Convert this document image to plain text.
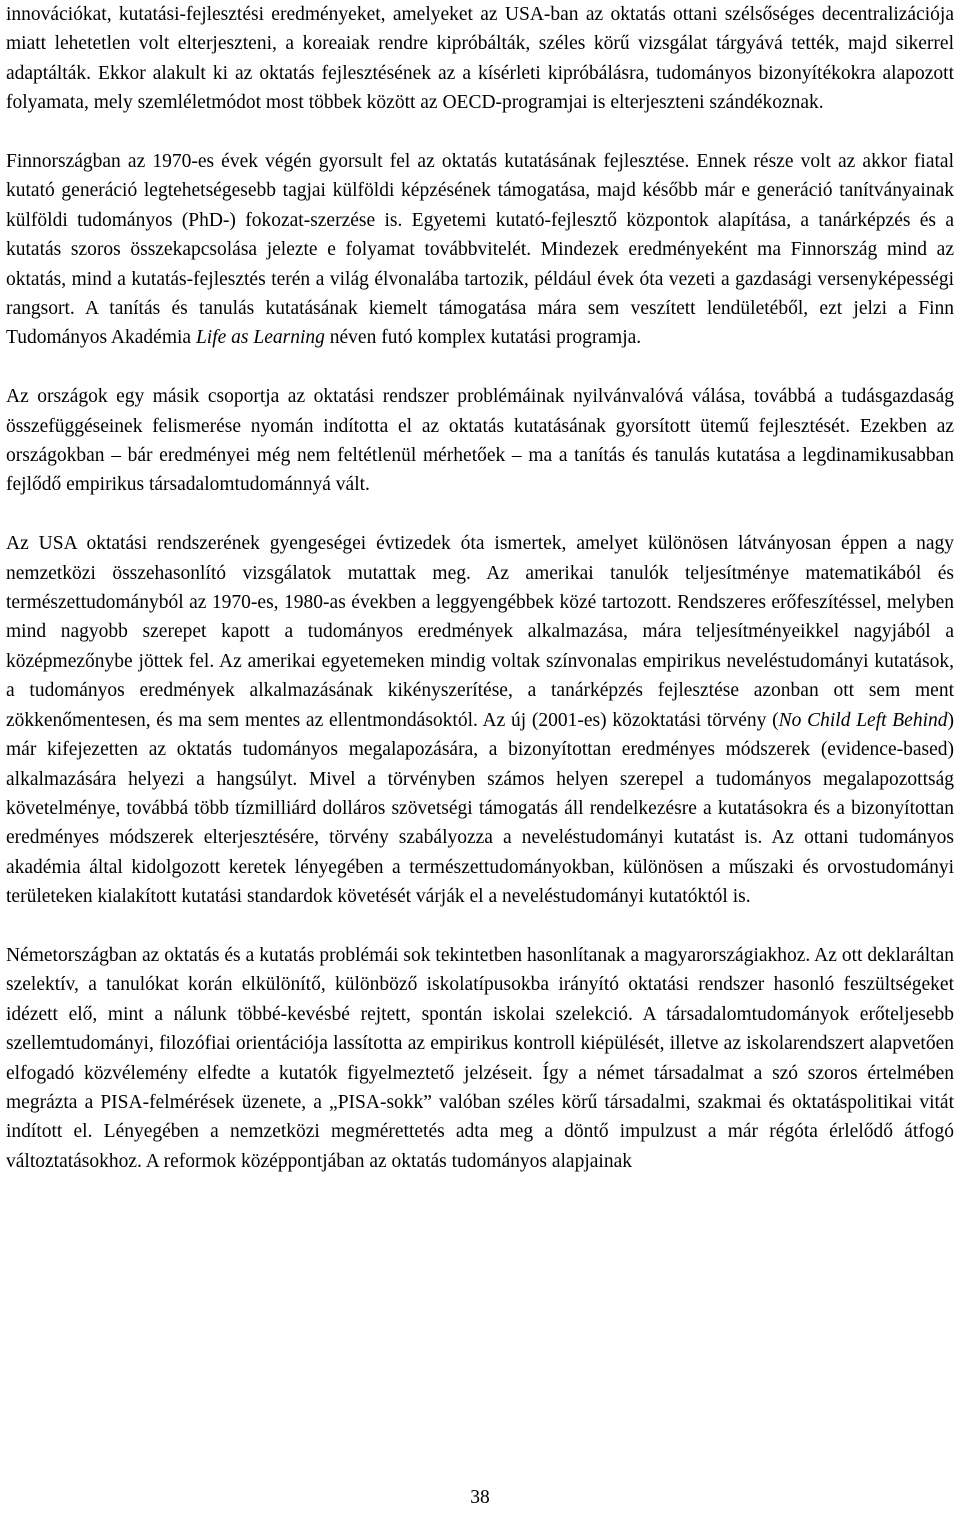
innovációkat, kutatási-fejlesztési eredményeket, amelyeket az USA-ban az oktatás ottani szélsőséges decentralizációja miatt lehetetlen volt elterjeszteni, a koreaiak rendre kipróbálták, széles körű vizsgálat tárgyává tették, majd sikerrel adaptálták. Ekkor alakult ki az oktatás fejlesztésének az a kísérleti kipróbálásra, tudományos bizonyítékokra alapozott folyamata, mely szemléletmódot most többek között az OECD-programjai is elterjeszteni szándékoznak.

Finnországban az 1970-es évek végén gyorsult fel az oktatás kutatásának fejlesztése. Ennek része volt az akkor fiatal kutató generáció legtehetségesebb tagjai külföldi képzésének támogatása, majd később már e generáció tanítványainak külföldi tudományos (PhD-) fokozat-szerzése is. Egyetemi kutató-fejlesztő központok alapítása, a tanárképzés és a kutatás szoros összekapcsolása jelezte e folyamat továbbvitelét. Mindezek eredményeként ma Finnország mind az oktatás, mind a kutatás-fejlesztés terén a világ élvonalába tartozik, például évek óta vezeti a gazdasági versenyképességi rangsort. A tanítás és tanulás kutatásának kiemelt támogatása mára sem veszített lendületéből, ezt jelzi a Finn Tudományos Akadémia Life as Learning néven futó komplex kutatási programja.

Az országok egy másik csoportja az oktatási rendszer problémáinak nyilvánvalóvá válása, továbbá a tudásgazdaság összefüggéseinek felismerése nyomán indította el az oktatás kutatásának gyorsított ütemű fejlesztését. Ezekben az országokban – bár eredményei még nem feltétlenül mérhetőek – ma a tanítás és tanulás kutatása a legdinamikusabban fejlődő empirikus társadalomtudománnyá vált.

Az USA oktatási rendszerének gyengeségei évtizedek óta ismertek, amelyet különösen látványosan éppen a nagy nemzetközi összehasonlító vizsgálatok mutattak meg. Az amerikai tanulók teljesítménye matematikából és természettudományból az 1970-es, 1980-as években a leggyengébbek közé tartozott. Rendszeres erőfeszítéssel, melyben mind nagyobb szerepet kapott a tudományos eredmények alkalmazása, mára teljesítményeikkel nagyjából a középmezőnybe jöttek fel. Az amerikai egyetemeken mindig voltak színvonalas empirikus neveléstudományi kutatások, a tudományos eredmények alkalmazásának kikényszerítése, a tanárképzés fejlesztése azonban ott sem ment zökkenőmentesen, és ma sem mentes az ellentmondásoktól. Az új (2001-es) közoktatási törvény (No Child Left Behind) már kifejezetten az oktatás tudományos megalapozására, a bizonyítottan eredményes módszerek (evidence-based) alkalmazására helyezi a hangsúlyt. Mivel a törvényben számos helyen szerepel a tudományos megalapozottság követelménye, továbbá több tízmilliárd dolláros szövetségi támogatás áll rendelkezésre a kutatásokra és a bizonyítottan eredményes módszerek elterjesztésére, törvény szabályozza a neveléstudományi kutatást is. Az ottani tudományos akadémia által kidolgozott keretek lényegében a természettudományokban, különösen a műszaki és orvostudományi területeken kialakított kutatási standardok követését várják el a neveléstudományi kutatóktól is.

Németországban az oktatás és a kutatás problémái sok tekintetben hasonlítanak a magyarországiakhoz. Az ott deklaráltan szelektív, a tanulókat korán elkülönítő, különböző iskolatípusokba irányító oktatási rendszer hasonló feszültségeket idézett elő, mint a nálunk többé-kevésbé rejtett, spontán iskolai szelekció. A társadalomtudományok erőteljesebb szellemtudományi, filozófiai orientációja lassította az empirikus kontroll kiépülését, illetve az iskolarendszert alapvetően elfogadó közvélemény elfedte a kutatók figyelmeztető jelzéseit. Így a német társadalmat a szó szoros értelmében megrázta a PISA-felmérések üzenete, a „PISA-sokk” valóban széles körű társadalmi, szakmai és oktatáspolitikai vitát indított el. Lényegében a nemzetközi megmérettetés adta meg a döntő impulzust a már régóta érlelődő átfogó változtatásokhoz. A reformok középpontjában az oktatás tudományos alapjainak

38
